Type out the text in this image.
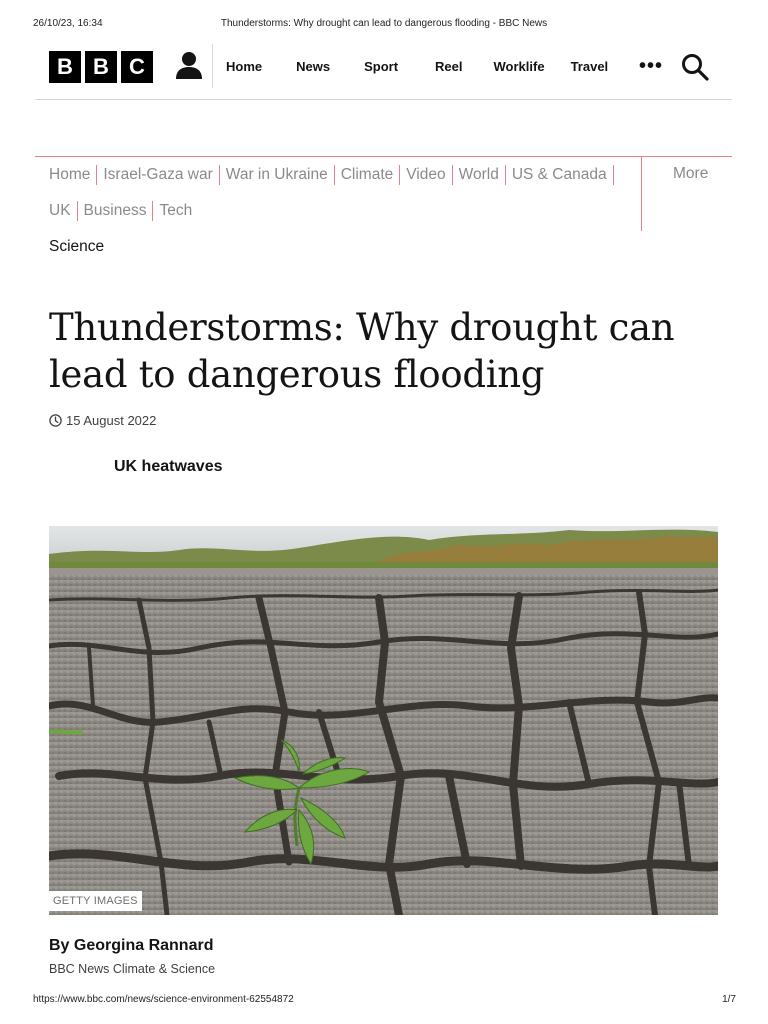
26/10/23, 16:34	Thunderstorms: Why drought can lead to dangerous flooding - BBC News
B B C	Home	News	Sport	Reel Worklife Travel •••
Home Israel-Gaza war War in Ukraine Climate Video World US & Canada
UK Business Tech
More
Science
Thunderstorms: Why drought can lead to dangerous flooding
15 August 2022
UK heatwaves
GETTY IMAGES
By Georgina Rannard
BBC News Climate & Science
https://www.bbc.com/news/science-environment-62554872	1/7
